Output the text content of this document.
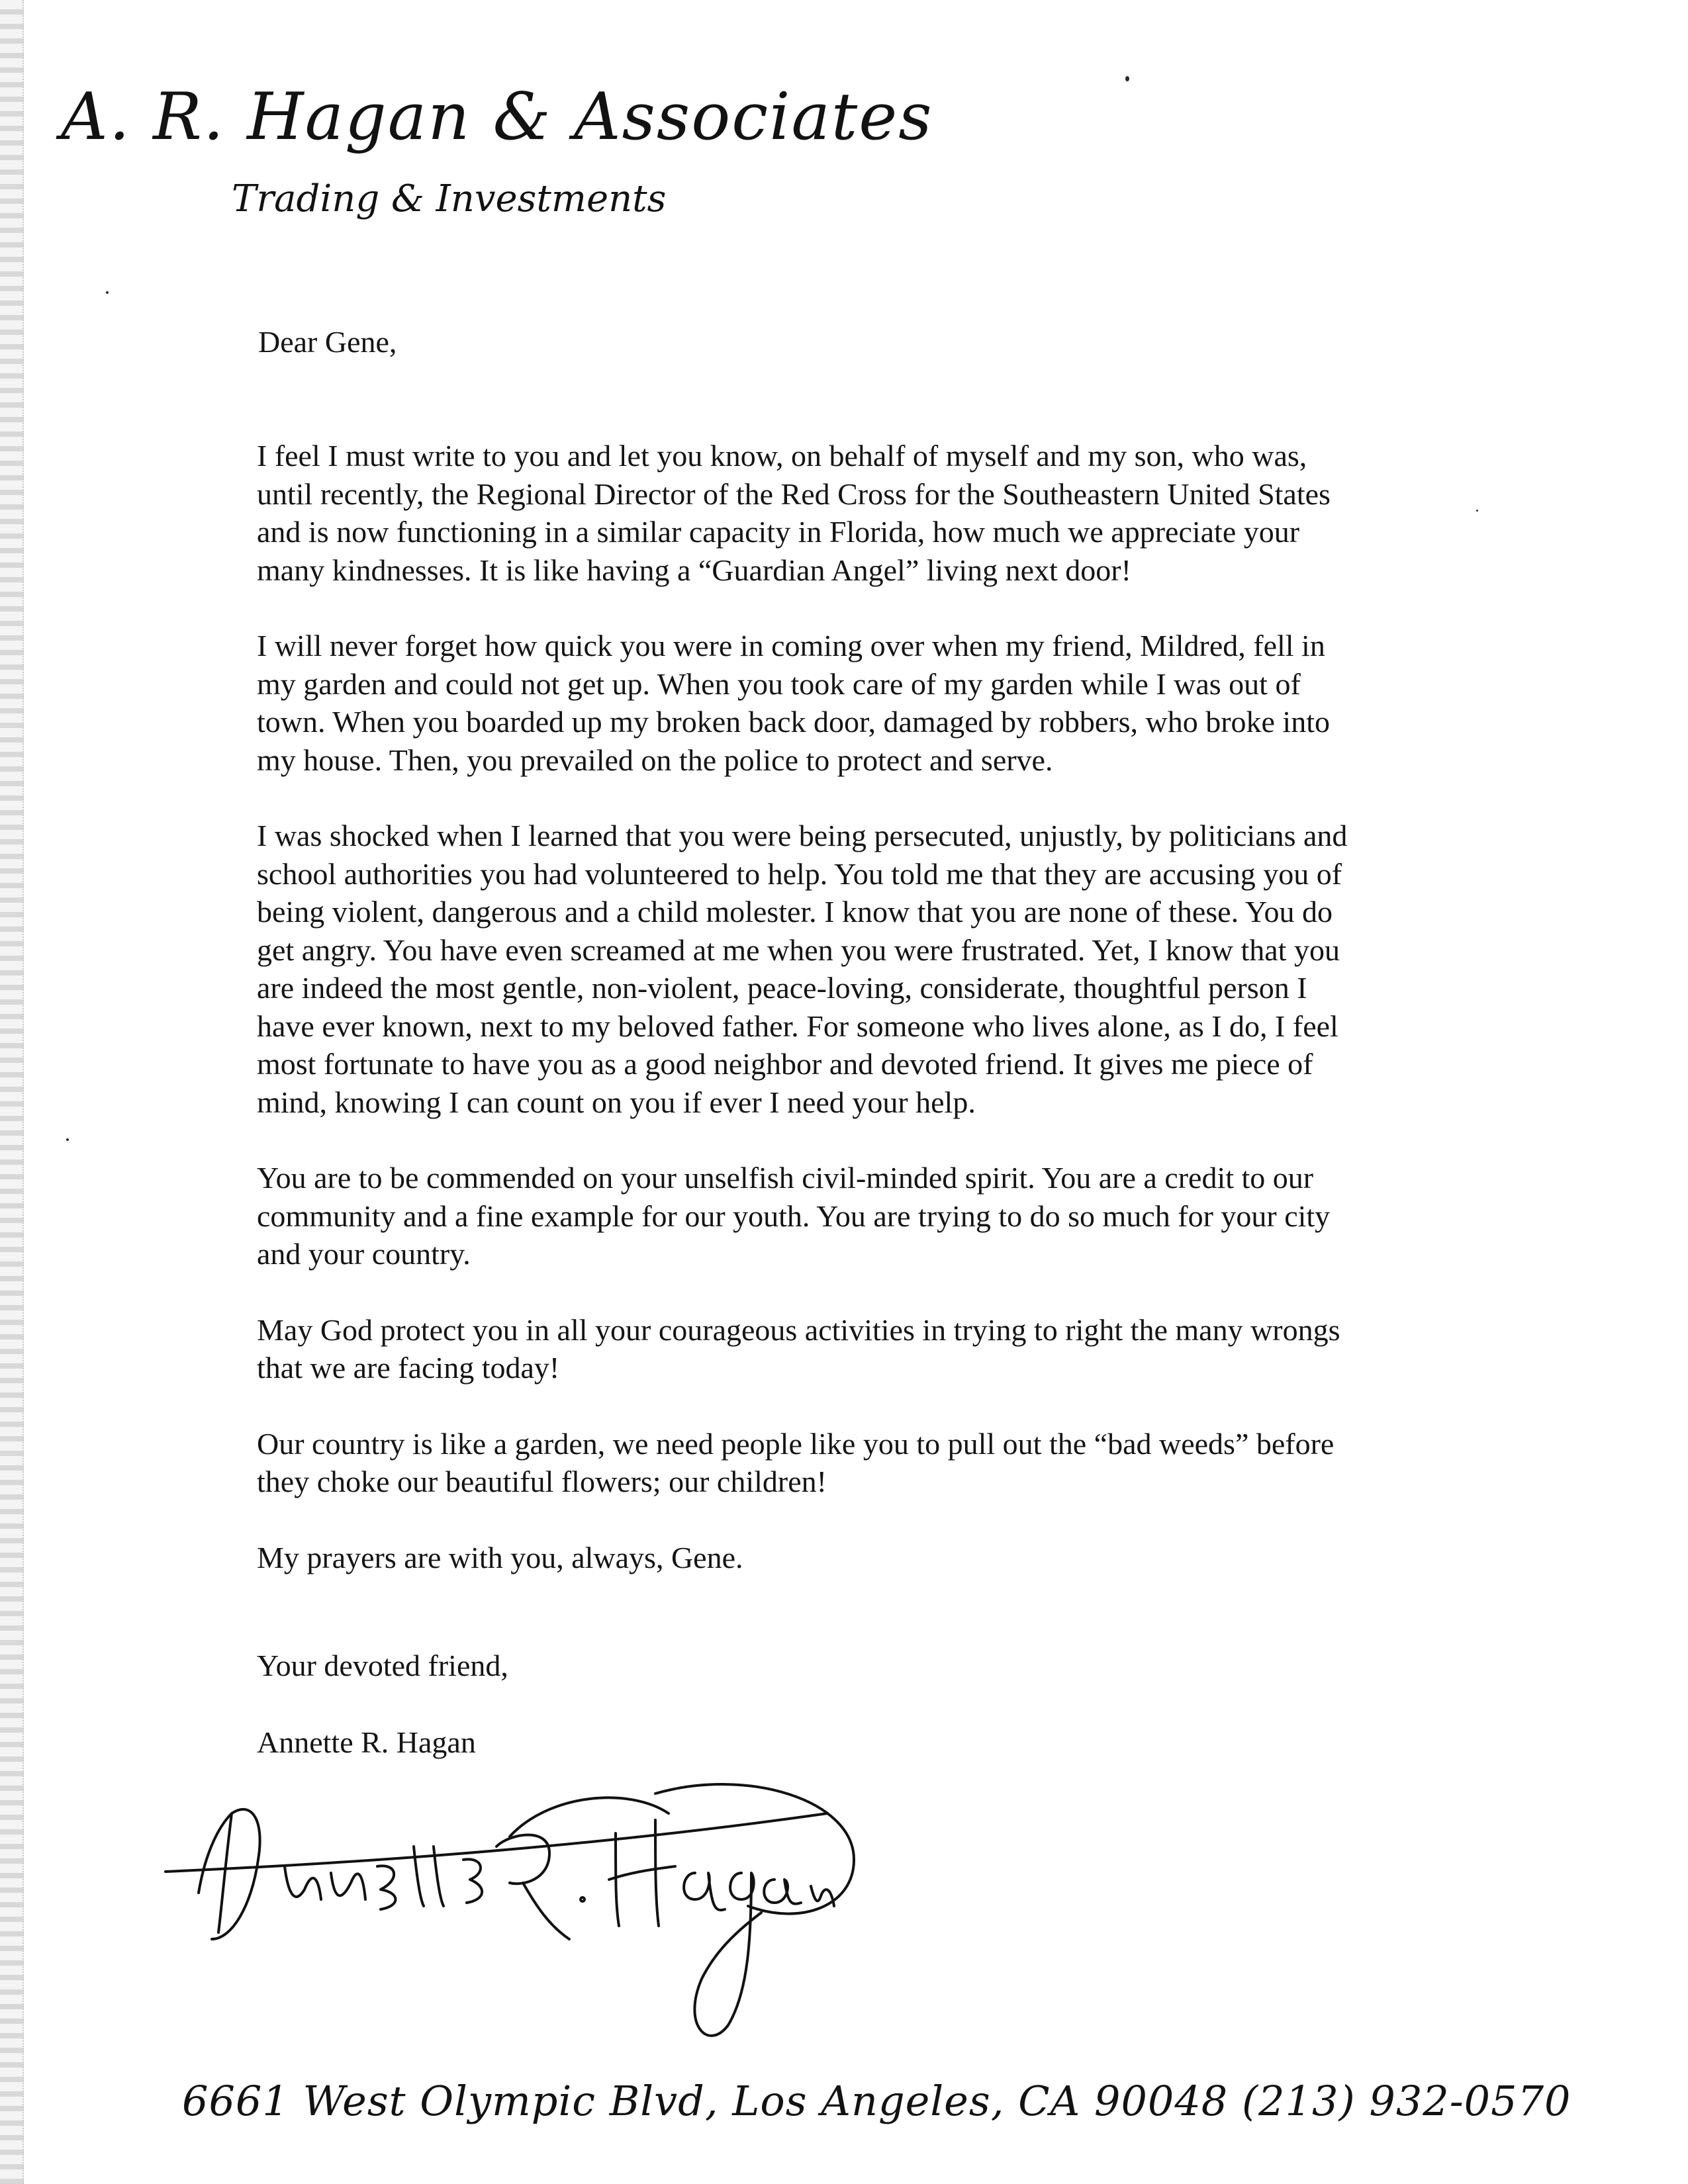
A. R. Hagan & Associates
Trading & Investments
Dear Gene,

I feel I must write to you and let you know, on behalf of myself and my son, who was,
until recently, the Regional Director of the Red Cross for the Southeastern United States
and is now functioning in a similar capacity in Florida, how much we appreciate your
many kindnesses. It is like having a “Guardian Angel” living next door!

I will never forget how quick you were in coming over when my friend, Mildred, fell in
my garden and could not get up. When you took care of my garden while I was out of
town. When you boarded up my broken back door, damaged by robbers, who broke into
my house. Then, you prevailed on the police to protect and serve.

I was shocked when I learned that you were being persecuted, unjustly, by politicians and
school authorities you had volunteered to help. You told me that they are accusing you of
being violent, dangerous and a child molester. I know that you are none of these. You do
get angry. You have even screamed at me when you were frustrated. Yet, I know that you
are indeed the most gentle, non-violent, peace-loving, considerate, thoughtful person I
have ever known, next to my beloved father. For someone who lives alone, as I do, I feel
most fortunate to have you as a good neighbor and devoted friend. It gives me piece of
mind, knowing I can count on you if ever I need your help.

You are to be commended on your unselfish civil-minded spirit. You are a credit to our
community and a fine example for our youth. You are trying to do so much for your city
and your country.

May God protect you in all your courageous activities in trying to right the many wrongs
that we are facing today!

Our country is like a garden, we need people like you to pull out the “bad weeds” before
they choke our beautiful flowers; our children!

My prayers are with you, always, Gene.

Your devoted friend,
Annette R. Hagan
6661 West Olympic Blvd, Los Angeles, CA 90048 (213) 932-0570
